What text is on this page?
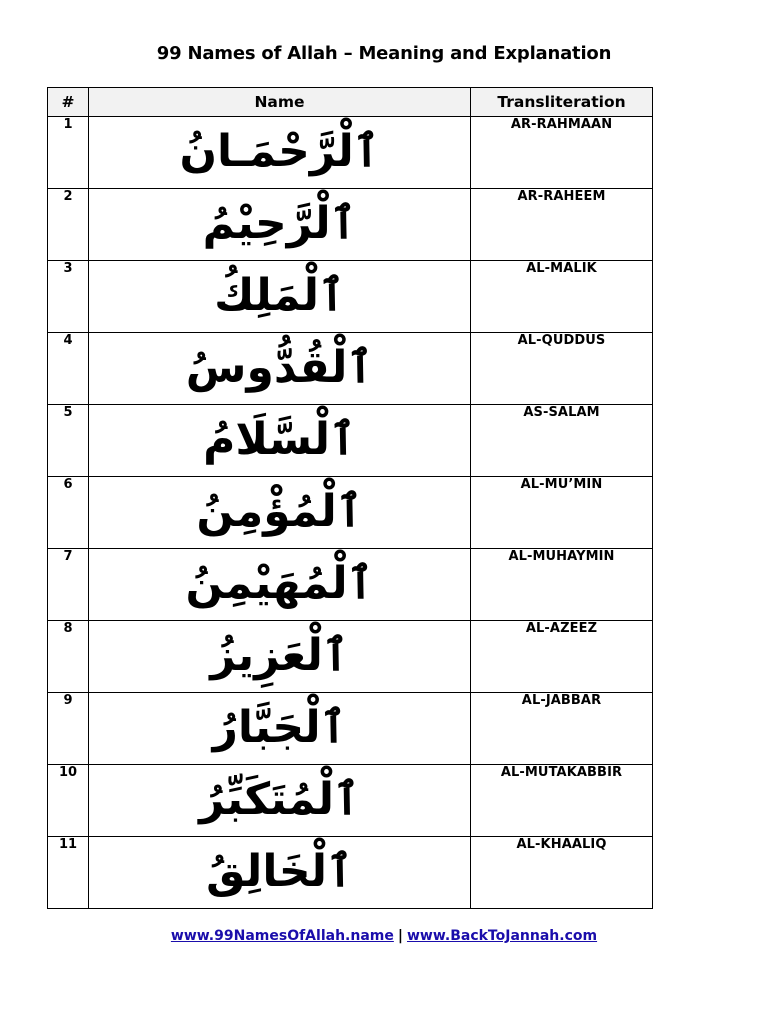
99 Names of Allah – Meaning and Explanation
#	Name	Transliteration
1	ٱلْرَّحْمَـانُ	AR-RAHMAAN
2	ٱلْرَّحِيْمُ	AR-RAHEEM
3	ٱلْمَلِكُ	AL-MALIK
4	ٱلْقُدُّوسُ	AL-QUDDUS
5	ٱلْسَّلَامُ	AS-SALAM
6	ٱلْمُؤْمِنُ	AL-MU’MIN
7	ٱلْمُهَيْمِنُ	AL-MUHAYMIN
8	ٱلْعَزِيزُ	AL-AZEEZ
9	ٱلْجَبَّارُ	AL-JABBAR
10	ٱلْمُتَكَبِّرُ	AL-MUTAKABBIR
11	ٱلْخَالِقُ	AL-KHAALIQ
www.99NamesOfAllah.name | www.BackToJannah.com
